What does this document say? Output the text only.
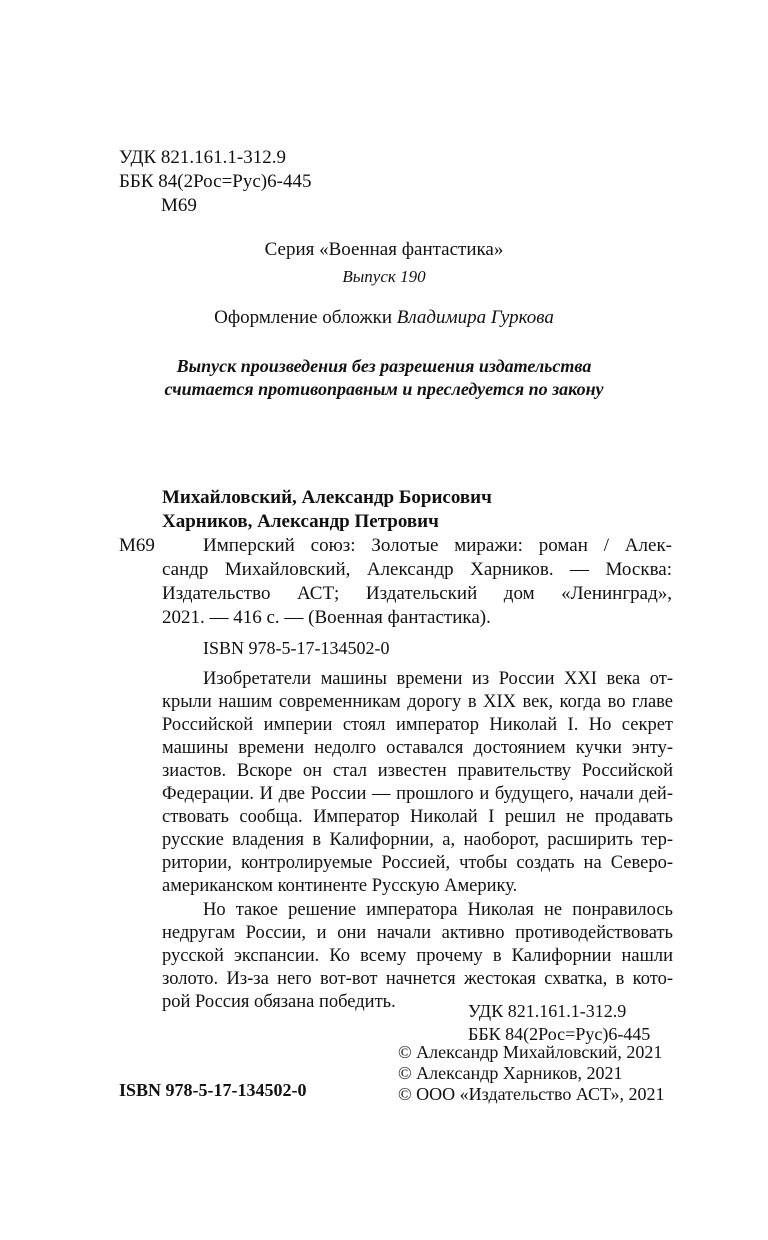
УДК 821.161.1-312.9
ББК 84(2Рос=Рус)6-445
М69
Серия «Военная фантастика»
Выпуск 190
Оформление обложки Владимира Гуркова
Выпуск произведения без разрешения издательства
считается противоправным и преследуется по закону
Михайловский, Александр Борисович
Харников, Александр Петрович
М69	Имперский союз: Золотые миражи: роман / Алек-
сандр Михайловский, Александр Харников. — Москва:
Издательство АСТ; Издательский дом «Ленинград»,
2021. — 416 с. — (Военная фантастика).
ISBN 978-5-17-134502-0
Изобретатели машины времени из России XXI века от-
крыли нашим современникам дорогу в XIX век, когда во главе
Российской империи стоял император Николай I. Но секрет
машины времени недолго оставался достоянием кучки энту-
зиастов. Вскоре он стал известен правительству Российской
Федерации. И две России — прошлого и будущего, начали дей-
ствовать сообща. Император Николай I решил не продавать
русские владения в Калифорнии, а, наоборот, расширить тер-
ритории, контролируемые Россией, чтобы создать на Северо-
американском континенте Русскую Америку.
Но такое решение императора Николая не понравилось
недругам России, и они начали активно противодействовать
русской экспансии. Ко всему прочему в Калифорнии нашли
золото. Из-за него вот-вот начнется жестокая схватка, в кото-
рой Россия обязана победить.	УДК 821.161.1-312.9
ББК 84(2Рос=Рус)6-445
© Александр Михайловский, 2021
© Александр Харников, 2021
© ООО «Издательство АСТ», 2021
ISBN 978-5-17-134502-0
